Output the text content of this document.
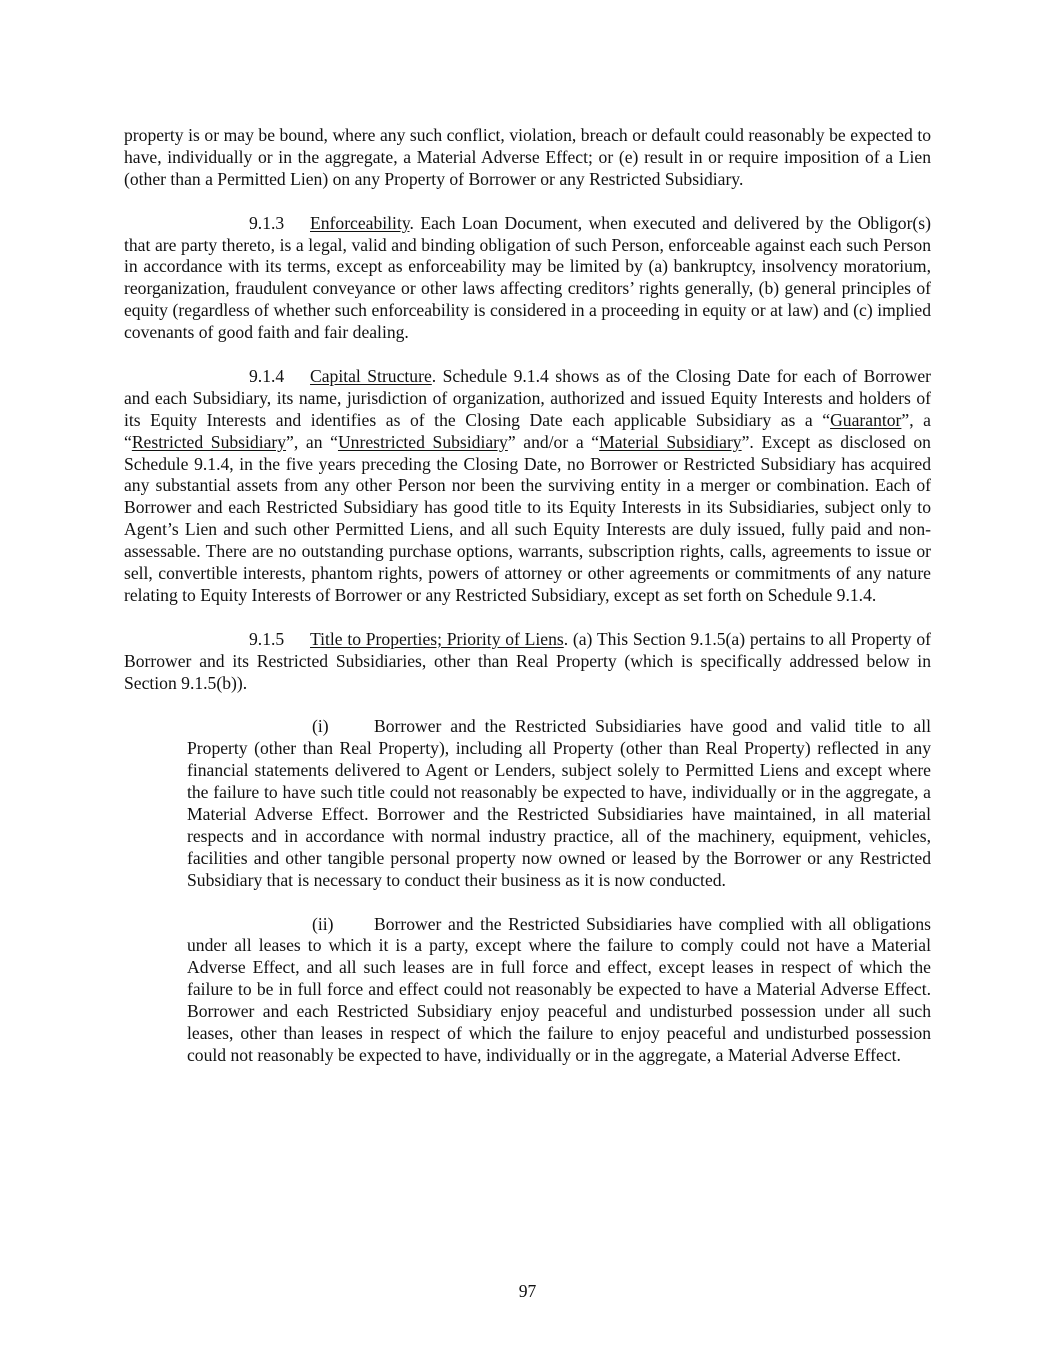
property is or may be bound, where any such conflict, violation, breach or default could reasonably be expected to have, individually or in the aggregate, a Material Adverse Effect; or (e) result in or require imposition of a Lien (other than a Permitted Lien) on any Property of Borrower or any Restricted Subsidiary.

9.1.3 Enforceability. Each Loan Document, when executed and delivered by the Obligor(s) that are party thereto, is a legal, valid and binding obligation of such Person, enforceable against each such Person in accordance with its terms, except as enforceability may be limited by (a) bankruptcy, insolvency moratorium, reorganization, fraudulent conveyance or other laws affecting creditors’ rights generally, (b) general principles of equity (regardless of whether such enforceability is considered in a proceeding in equity or at law) and (c) implied covenants of good faith and fair dealing.

9.1.4 Capital Structure. Schedule 9.1.4 shows as of the Closing Date for each of Borrower and each Subsidiary, its name, jurisdiction of organization, authorized and issued Equity Interests and holders of its Equity Interests and identifies as of the Closing Date each applicable Subsidiary as a “Guarantor”, a “Restricted Subsidiary”, an “Unrestricted Subsidiary” and/or a “Material Subsidiary”. Except as disclosed on Schedule 9.1.4, in the five years preceding the Closing Date, no Borrower or Restricted Subsidiary has acquired any substantial assets from any other Person nor been the surviving entity in a merger or combination. Each of Borrower and each Restricted Subsidiary has good title to its Equity Interests in its Subsidiaries, subject only to Agent’s Lien and such other Permitted Liens, and all such Equity Interests are duly issued, fully paid and non-assessable. There are no outstanding purchase options, warrants, subscription rights, calls, agreements to issue or sell, convertible interests, phantom rights, powers of attorney or other agreements or commitments of any nature relating to Equity Interests of Borrower or any Restricted Subsidiary, except as set forth on Schedule 9.1.4.

9.1.5 Title to Properties; Priority of Liens. (a) This Section 9.1.5(a) pertains to all Property of Borrower and its Restricted Subsidiaries, other than Real Property (which is specifically addressed below in Section 9.1.5(b)).

(i)	Borrower and the Restricted Subsidiaries have good and valid title to all Property (other than Real Property), including all Property (other than Real Property) reflected in any financial statements delivered to Agent or Lenders, subject solely to Permitted Liens and except where the failure to have such title could not reasonably be expected to have, individually or in the aggregate, a Material Adverse Effect. Borrower and the Restricted Subsidiaries have maintained, in all material respects and in accordance with normal industry practice, all of the machinery, equipment, vehicles, facilities and other tangible personal property now owned or leased by the Borrower or any Restricted Subsidiary that is necessary to conduct their business as it is now conducted.

(ii) Borrower and the Restricted Subsidiaries have complied with all obligations under all leases to which it is a party, except where the failure to comply could not have a Material Adverse Effect, and all such leases are in full force and effect, except leases in respect of which the failure to be in full force and effect could not reasonably be expected to have a Material Adverse Effect. Borrower and each Restricted Subsidiary enjoy peaceful and undisturbed possession under all such leases, other than leases in respect of which the failure to enjoy peaceful and undisturbed possession could not reasonably be expected to have, individually or in the aggregate, a Material Adverse Effect.

97
